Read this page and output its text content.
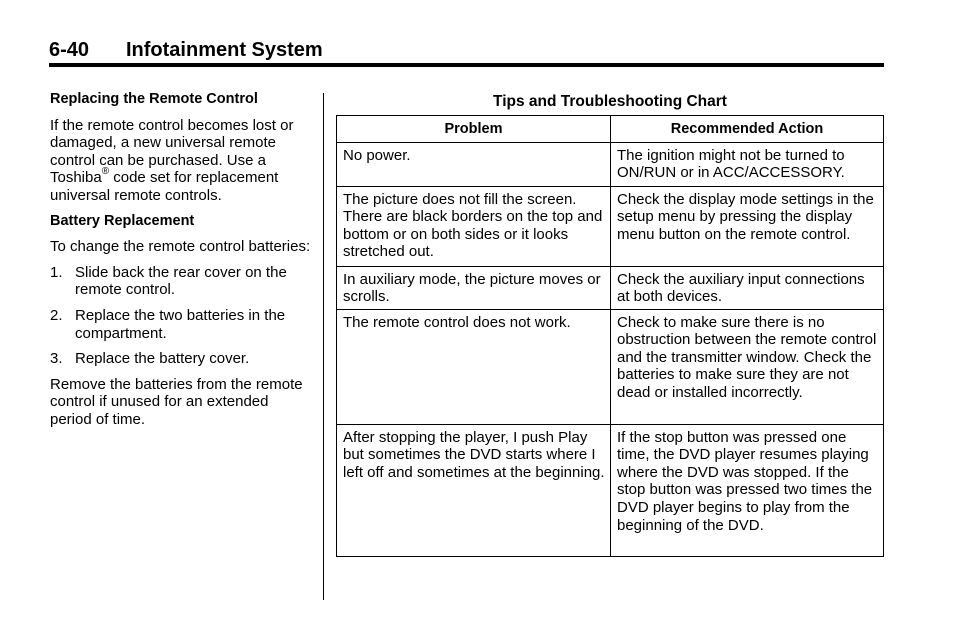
6-40 Infotainment System
Replacing the Remote Control

If the remote control becomes lost or damaged, a new universal remote control can be purchased. Use a Toshiba® code set for replacement universal remote controls.

Battery Replacement

To change the remote control batteries:

1. Slide back the rear cover on the remote control.
2. Replace the two batteries in the compartment.
3. Replace the battery cover.

Remove the batteries from the remote control if unused for an extended period of time.

Tips and Troubleshooting Chart
Problem	Recommended Action
No power.	The ignition might not be turned to ON/RUN or in ACC/ACCESSORY.
The picture does not fill the screen. There are black borders on the top and bottom or on both sides or it looks stretched out.	Check the display mode settings in the setup menu by pressing the display menu button on the remote control.
In auxiliary mode, the picture moves or scrolls.	Check the auxiliary input connections at both devices.
The remote control does not work.	Check to make sure there is no obstruction between the remote control and the transmitter window. Check the batteries to make sure they are not dead or installed incorrectly.
After stopping the player, I push Play but sometimes the DVD starts where I left off and sometimes at the beginning.	If the stop button was pressed one time, the DVD player resumes playing where the DVD was stopped. If the stop button was pressed two times the DVD player begins to play from the beginning of the DVD.
